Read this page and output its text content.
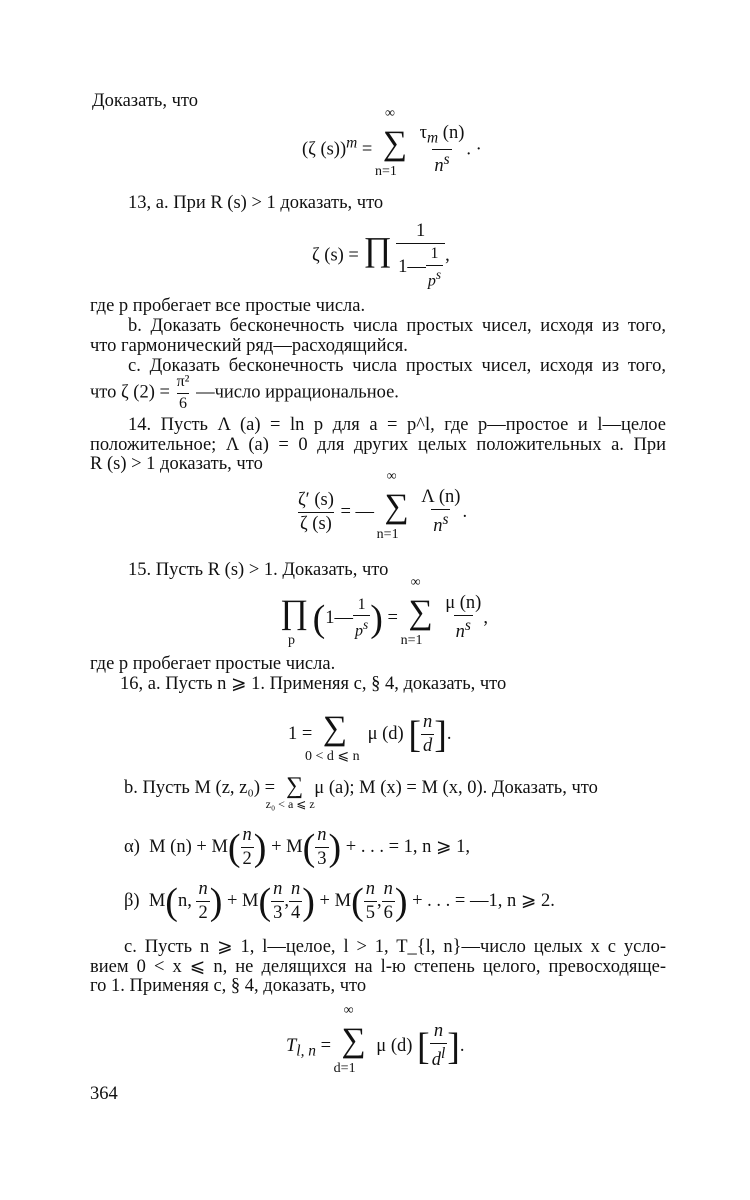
Доказать, что
(ζ (s))$^m$ =
∞
∑
n=1
$\frac{\tau_m (n)}{n^s}$ . ·
13, а. При R (s) > 1 доказать, что
ζ (s) = ∏ $\frac{1}{1— \frac{1}{p^s}}$ ,
где p пробегает все простые числа.
b. Доказать бесконечность числа простых чисел, исходя из того,
что гармонический ряд—расходящийся.
с. Доказать бесконечность числа простых чисел, исходя из того,
что ζ $(2) = \frac{\text{π²}}{6}$ —число иррациональное.
14. Пусть Λ (a) = ln p для a = p^l, где p—простое и l—целое
положительное; Λ (a) = 0 для других целых положительных a. При
R (s) > 1 доказать, что
$\frac{\zeta' (s)}{\zeta (s)}$ = —
∞
∑
n=1
$\frac{\Lambda (n)}{n^s}$ .
15. Пусть R (s) > 1. Доказать, что
∏
p
(1— $\frac{1}{p^s}$ ) =
∞
∑
n=1
$\frac{\mu (n)}{n^s}$ ,
где p пробегает простые числа.
16, а. Пусть n ⩾ 1. Применяя с, § 4, доказать, что
1 = ∑
0 < d ⩽ n
μ (d) [ $\frac{n}{d}$ ].
b. Пусть M (z, z₀) = ∑
z₀ < a ⩽ z
μ (a); M (x) = M (x, 0). Доказать, что
α) M $(n) + M( \frac{n}{2}$ ) + $M( \frac{n}{3}$ ) + . . . = 1, n ⩾ 1,
β) M(n, $\frac{n}{2}$ ) + $M( \frac{n}{3}$ , $\frac{n}{4}$ ) + $M( \frac{n}{5}$ , $\frac{n}{6}$ ) + . . . = —1, n ⩾ 2.
с. Пусть n ⩾ 1, l—целое, l > 1, T_{l, n}—число целых x с усло-
вием 0 < x ⩽ n, не делящихся на l-ю степень целого, превосходяще-
го 1. Применяя с, § 4, доказать, что
$T_{l, n}$ =
∞
∑
d=1
μ (d) [ $\frac{n}{d^l}$ ].
364
